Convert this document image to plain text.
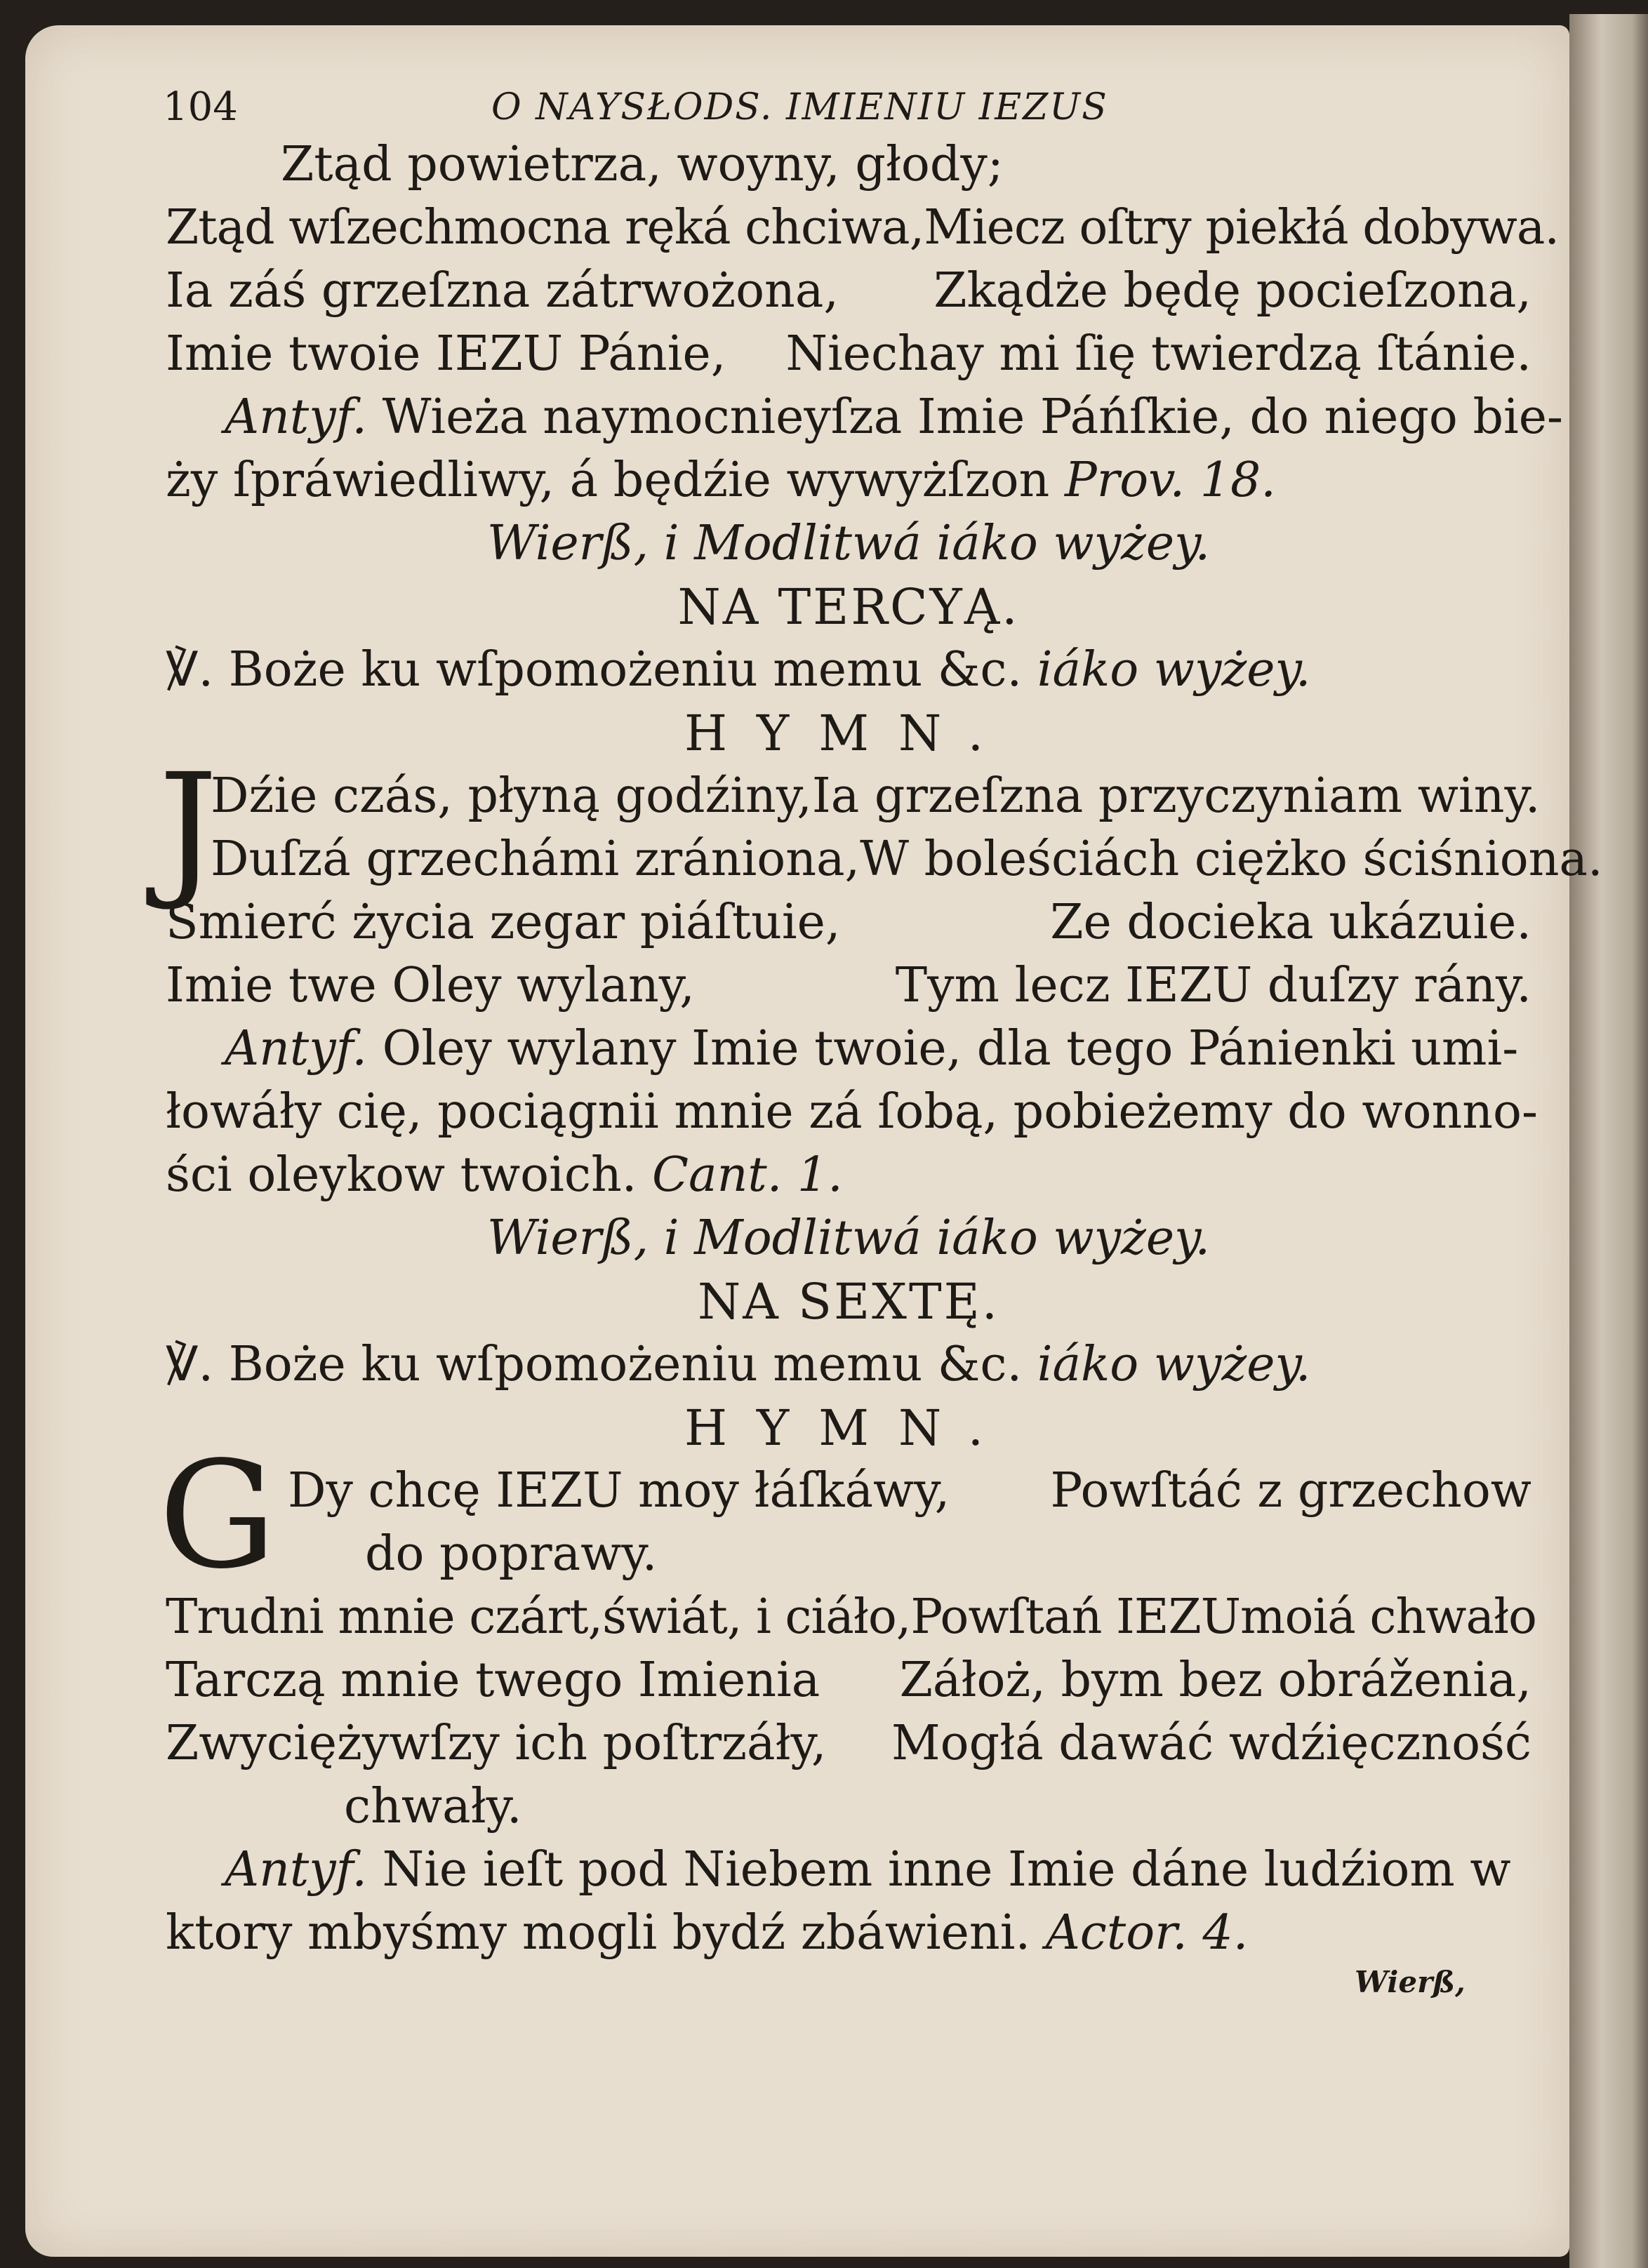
104	O NAYSŁODS. IMIENIU IEZUS
Ztąd powietrza, woyny, głody;
Ztąd wſzechmocna ręká chciwa,Miecz oſtry piekłá dobywa.
Ia záś grzeſzna zátrwożona, Zkądże będę pocieſzona,
Imie twoie IEZU Pánie, Niechay mi ſię twierdzą ſtánie.
Antyf. Wieża naymocnieyſza Imie Páńſkie, do niego bie-
ży ſpráwiedliwy, á będźie wywyżſzon Prov. 18.
Wierß, i Modlitwá iáko wyżey.
NA TERCYĄ.
℣. Boże ku wſpomożeniu memu &c. iáko wyżey.
HYMN.
J
Dźie czás, płyną godźiny, Ia grzeſzna przyczyniam winy.
Duſzá grzechámi zrániona, W boleściách ciężko ściśniona.
Smierć życia zegar piáſtuie,	Ze docieka ukázuie.
Imie twe Oley wylany,	Tym lecz IEZU duſzy rány.
Antyf. Oley wylany Imie twoie, dla tego Pánienki umi-
łowáły cię, pociągnii mnie zá ſobą, pobieżemy do wonno-
ści oleykow twoich. Cant. 1.
Wierß, i Modlitwá iáko wyżey.
NA SEXTĘ.
℣. Boże ku wſpomożeniu memu &c. iáko wyżey.
HYMN.
G Dy chcę IEZU moy łáſkáwy, Powſtáć z grzechow
do poprawy.
Trudni mnie czárt,świát, i ciáło,Powſtań IEZUmoiá chwało
Tarczą mnie twego Imienia Záłoż, bym bez obráženia,
Zwyciężywſzy ich poſtrzáły, Mogłá dawáć wdźięczność
chwały.
Antyf. Nie ieſt pod Niebem inne Imie dáne ludźiom w
ktory mbyśmy mogli bydź zbáwieni. Actor. 4.
Wierß,
